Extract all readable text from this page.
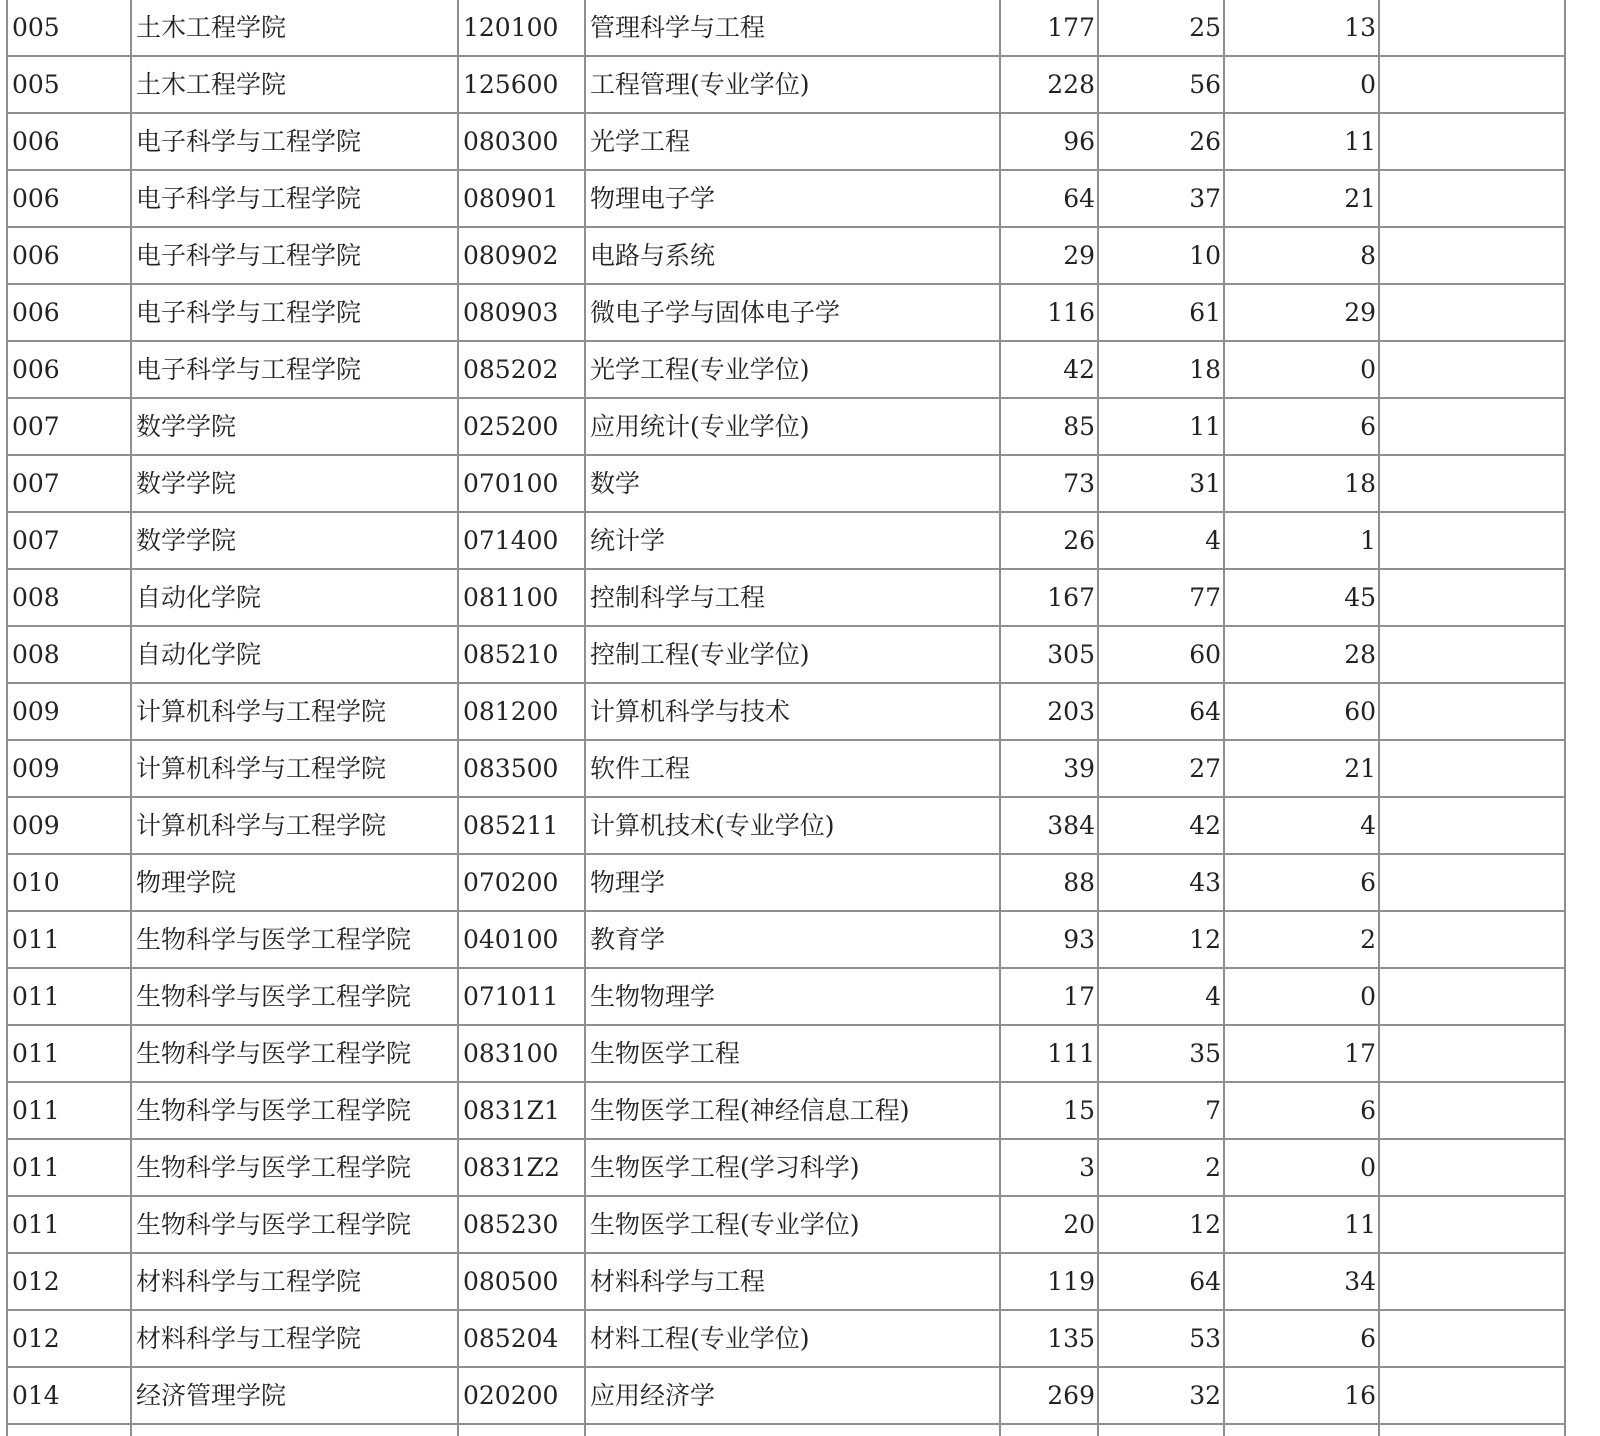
005	土木工程学院	120100	管理科学与工程	177	25	13	
005	土木工程学院	125600	工程管理(专业学位)	228	56	0	
006	电子科学与工程学院	080300	光学工程	96	26	11	
006	电子科学与工程学院	080901	物理电子学	64	37	21	
006	电子科学与工程学院	080902	电路与系统	29	10	8	
006	电子科学与工程学院	080903	微电子学与固体电子学	116	61	29	
006	电子科学与工程学院	085202	光学工程(专业学位)	42	18	0	
007	数学学院	025200	应用统计(专业学位)	85	11	6	
007	数学学院	070100	数学	73	31	18	
007	数学学院	071400	统计学	26	4	1	
008	自动化学院	081100	控制科学与工程	167	77	45	
008	自动化学院	085210	控制工程(专业学位)	305	60	28	
009	计算机科学与工程学院	081200	计算机科学与技术	203	64	60	
009	计算机科学与工程学院	083500	软件工程	39	27	21	
009	计算机科学与工程学院	085211	计算机技术(专业学位)	384	42	4	
010	物理学院	070200	物理学	88	43	6	
011	生物科学与医学工程学院	040100	教育学	93	12	2	
011	生物科学与医学工程学院	071011	生物物理学	17	4	0	
011	生物科学与医学工程学院	083100	生物医学工程	111	35	17	
011	生物科学与医学工程学院	0831Z1	生物医学工程(神经信息工程)	15	7	6	
011	生物科学与医学工程学院	0831Z2	生物医学工程(学习科学)	3	2	0	
011	生物科学与医学工程学院	085230	生物医学工程(专业学位)	20	12	11	
012	材料科学与工程学院	080500	材料科学与工程	119	64	34	
012	材料科学与工程学院	085204	材料工程(专业学位)	135	53	6	
014	经济管理学院	020200	应用经济学	269	32	16	
